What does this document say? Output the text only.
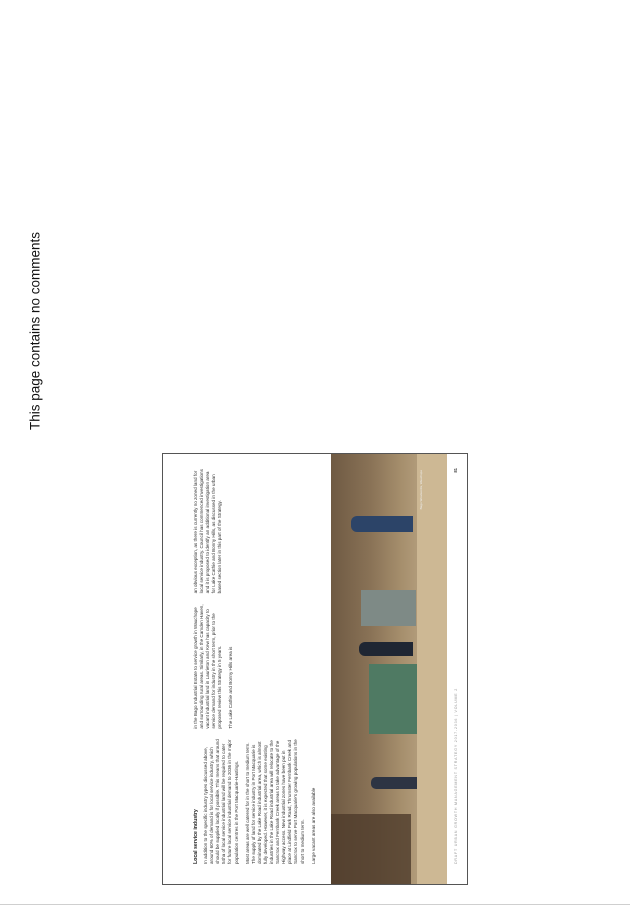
This page contains no comments
Local service industry In addition to the specific industry types discussed above, around 60% of demand is for local service industry, which should be supplied locally if possible. This means that around 54ha of local service industrial land will be required to cater for future local service industrial demand to 2036 in the major population centres in the Port Macquarie-Hastings. Most areas are well catered for in the short to medium term. The supply of land for service industry in Port Macquarie is dominated by the Lake Road industrial area, which is almost fully developed. However, it is expected that some existing industries in the Lake Road industrial area will relocate to the Sancrox and Fernbank Creek areas to take advantage of the Highway access. New industrial zones have been put in place at Lindfield Park Road, Thrumster Fernbank Creek and Sancrox to serve Port Macquarie's growing populations in the short to medium term. Large vacant areas are also available

in the Bago Industrial Estate to service growth in Wauchope and surrounding rural areas. Similarly, in the Camden Haven, vacant industrial land in Laurieton and Kew has capacity to service demand for industry in the short term, prior to the proposed review this Strategy in 5 years. The Lake Cathie and Bonny Hills area is

an obvious exception, as there is currently no zoned land for local service industry. Council has commenced investigations and it is proposed to identify an additional investigation area for Lake Cathie and Bonny Hills, as discussed in the urban based section later in this part of the Strategy.

Bago Woodworks, Wauchope
DRAFT URBAN GROWTH MANAGEMENT STRATEGY 2017-2036 | VOLUME 2
81
